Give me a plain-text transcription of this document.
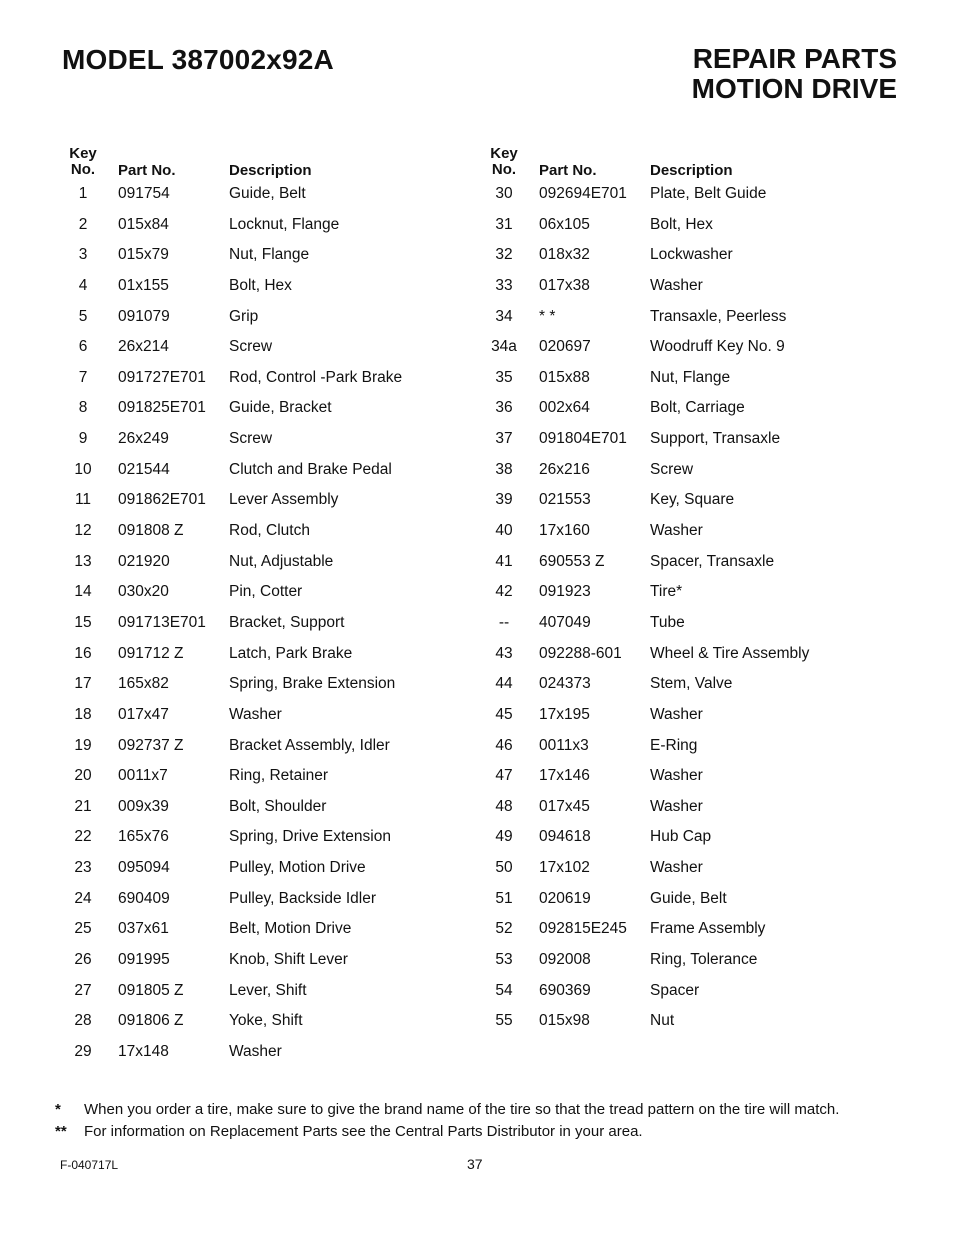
MODEL 387002x92A	REPAIR PARTS
MOTION DRIVE
Key
No.	Part No.	Description
1	091754	Guide, Belt
2	015x84	Locknut, Flange
3	015x79	Nut, Flange
4	01x155	Bolt, Hex
5	091079	Grip
6	26x214	Screw
7	091727E701 Rod, Control -Park Brake
8	091825E701 Guide, Bracket
9	26x249	Screw
10	021544	Clutch and Brake Pedal
11	091862E701 Lever Assembly
12	091808 Z	Rod, Clutch
13	021920	Nut, Adjustable
14	030x20	Pin, Cotter
15	091713E701 Bracket, Support
16	091712 Z	Latch, Park Brake
17	165x82	Spring, Brake Extension
18	017x47	Washer
19	092737 Z	Bracket Assembly, Idler
20	0011x7	Ring, Retainer
21	009x39	Bolt, Shoulder
22	165x76	Spring, Drive Extension
23	095094	Pulley, Motion Drive
24	690409	Pulley, Backside Idler
25	037x61	Belt, Motion Drive
26	091995	Knob, Shift Lever
27	091805 Z	Lever, Shift
28	091806 Z	Yoke, Shift
29	17x148	Washer
Key
No.	Part No.	Description
30	092694E701 Plate, Belt Guide
31	06x105	Bolt, Hex
32	018x32	Lockwasher
33	017x38	Washer
34	* *	Transaxle, Peerless
34a	020697	Woodruff Key No. 9
35	015x88	Nut, Flange
36	002x64	Bolt, Carriage
37	091804E701 Support, Transaxle
38	26x216	Screw
39	021553	Key, Square
40	17x160	Washer
41	690553 Z	Spacer, Transaxle
42	091923	Tire*
--	407049	Tube
43	092288-601 Wheel & Tire Assembly
44	024373	Stem, Valve
45	17x195	Washer
46	0011x3	E-Ring
47	17x146	Washer
48	017x45	Washer
49	094618	Hub Cap
50	17x102	Washer
51	020619	Guide, Belt
52	092815E245 Frame Assembly
53	092008	Ring, Tolerance
54	690369	Spacer
55	015x98	Nut
* When you order a tire, make sure to give the brand name of the tire so that the tread pattern on the tire will match.
** For information on Replacement Parts see the Central Parts Distributor in your area.
F-040717L	37
